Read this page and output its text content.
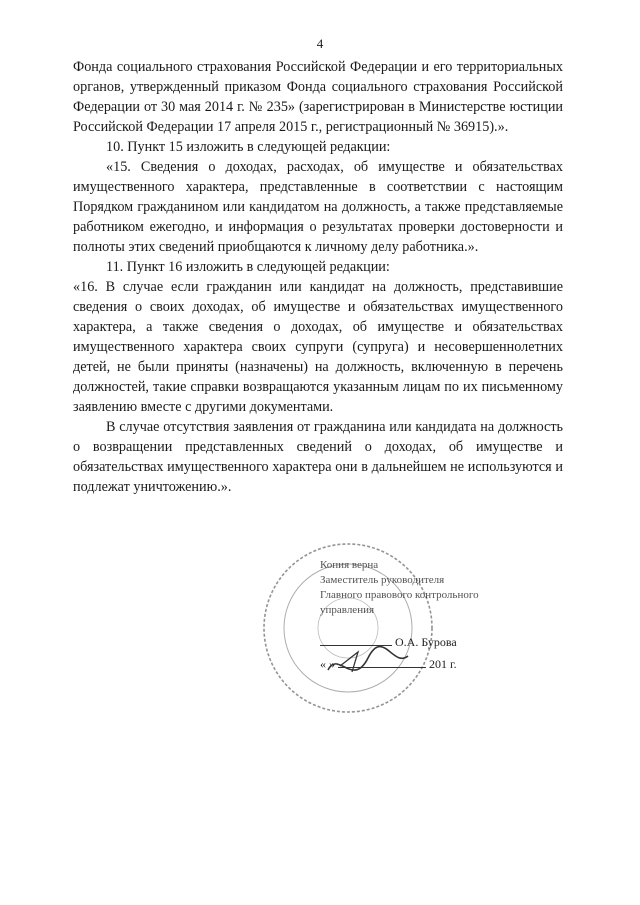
4

Фонда социального страхования Российской Федерации и его территориальных органов, утвержденный приказом Фонда социального страхования Российской Федерации от 30 мая 2014 г. № 235» (зарегистрирован в Министерстве юстиции Российской Федерации 17 апреля 2015 г., регистрационный № 36915).».

10. Пункт 15 изложить в следующей редакции:

«15. Сведения о доходах, расходах, об имуществе и обязательствах имущественного характера, представленные в соответствии с настоящим Порядком гражданином или кандидатом на должность, а также представляемые работником ежегодно, и информация о результатах проверки достоверности и полноты этих сведений приобщаются к личному делу работника.».

11. Пункт 16 изложить в следующей редакции:

«16. В случае если гражданин или кандидат на должность, представившие сведения о своих доходах, об имуществе и обязательствах имущественного характера, а также сведения о доходах, об имуществе и обязательствах имущественного характера своих супруги (супруга) и несовершеннолетних детей, не были приняты (назначены) на должность, включенную в перечень должностей, такие справки возвращаются указанным лицам по их письменному заявлению вместе с другими документами.

В случае отсутствия заявления от гражданина или кандидата на должность о возвращении представленных сведений о доходах, об имуществе и обязательствах имущественного характера они в дальнейшем не используются и подлежат уничтожению.».

Копия верна
Заместитель руководителя
Главного правового контрольного
управления
О.А. Бурова
« »	201 г.
